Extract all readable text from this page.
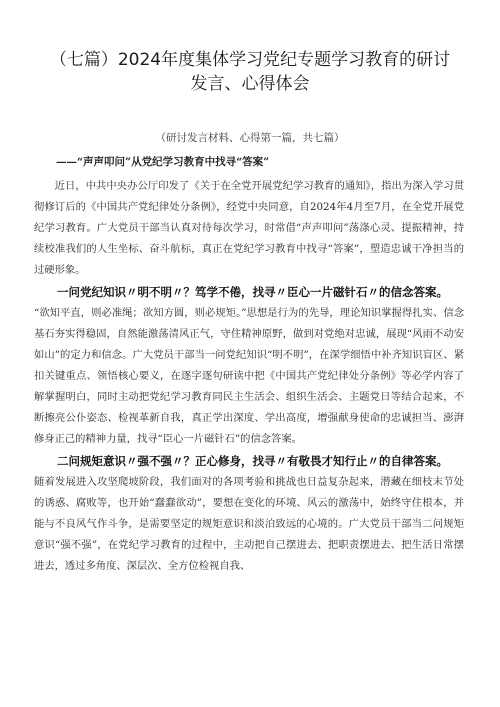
（七篇）2024年度集体学习党纪专题学习教育的研讨
发言、心得体会
（研讨发言材料、心得第一篇，共七篇）
——“声声叩问”从党纪学习教育中找寻“答案”

近日，中共中央办公厅印发了《关于在全党开展党纪学习教育的通知》，指出为深入学习贯彻修订后的《中国共产党纪律处分条例》，经党中央同意，自2024年4月至7月，在全党开展党纪学习教育。广大党员干部当认真对待每次学习，时常借“声声叩问”荡涤心灵、提振精神，持续校准我们的人生坐标、奋斗航标，真正在党纪学习教育中找寻“答案”，塑造忠诚干净担当的过硬形象。

一问党纪知识〃明不明〃？笃学不倦，找寻〃臣心一片磁针石〃的信念答案。

“欲知平直，则必准绳；欲知方圆，则必规矩。”思想是行为的先导，理论知识掌握得扎实、信念基石夯实得稳固，自然能激荡清风正气，守住精神原野，做到对党绝对忠诚，展现“风雨不动安如山”的定力和信念。广大党员干部当一问党纪知识“明不明”，在深学细悟中补齐知识盲区、紧扣关键重点、领悟核心要义，在逐字逐句研读中把《中国共产党纪律处分条例》等必学内容了解掌握明白，同时主动把党纪学习教育同民主生活会、组织生活会、主题党日等结合起来，不断擦亮公仆姿态、检视革新自我，真正学出深度、学出高度，增强献身使命的忠诚担当、澎湃修身正己的精神力量，找寻“臣心一片磁针石”的信念答案。

二问规矩意识〃强不强〃？正心修身，找寻〃有敬畏才知行止〃的自律答案。

随着发展进入攻坚爬坡阶段，我们面对的各项考验和挑战也日益复杂起来，潜藏在细枝末节处的诱惑、腐败等，也开始“蠢蠢欲动”，要想在变化的环境、风云的激荡中，始终守住根本，并能与不良风气作斗争，是需要坚定的规矩意识和淡泊致远的心境的。广大党员干部当二问规矩意识“强不强”，在党纪学习教育的过程中，主动把自己摆进去、把职责摆进去、把生活日常摆进去，透过多角度、深层次、全方位检视自我、
